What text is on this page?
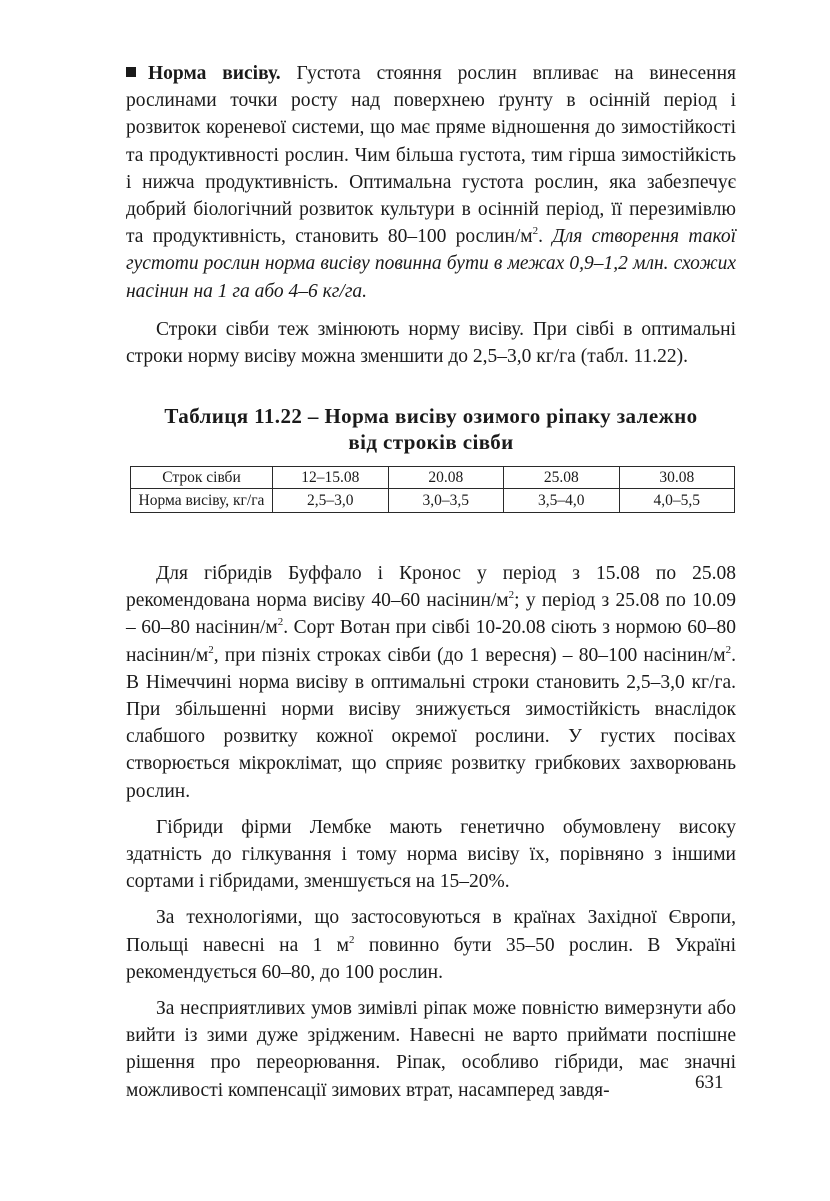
Норма висіву. Густота стояння рослин впливає на винесення рослинами точки росту над поверхнею ґрунту в осінній період і розвиток кореневої системи, що має пряме відношення до зимостійкості та продуктивності рослин. Чим більша густота, тим гірша зимостійкість і нижча продуктивність. Оптимальна густота рослин, яка забезпечує добрий біологічний розвиток культури в осінній період, її перезимівлю та продуктивність, становить 80–100 рослин/$м^2$. Для створення такої густоти рослин норма висіву повинна бути в межах 0,9–1,2 млн. схожих насінин на 1 га або 4–6 кг/га.

Строки сівби теж змінюють норму висіву. При сівбі в оптимальні строки норму висіву можна зменшити до 2,5–3,0 кг/га (табл. 11.22).

Таблиця 11.22 – Норма висіву озимого ріпаку залежно
від строків сівби
Строк сівби	12–15.08	20.08	25.08	30.08
Норма висіву, кг/га	2,5–3,0	3,0–3,5	3,5–4,0	4,0–5,5

Для гібридів Буффало і Кронос у період з 15.08 по 25.08 рекомендована норма висіву 40–60 насінин/$м^2$; у період з 25.08 по 10.09 – 60–80 насінин/$м^2$. Сорт Вотан при сівбі 10-20.08 сіють з нормою 60–80 насінин/$м^2$, при пізніх строках сівби (до 1 вересня) – 80–100 насінин/$м^2$. В Німеччині норма висіву в оптимальні строки становить 2,5–3,0 кг/га. При збільшенні норми висіву знижується зимостійкість внаслідок слабшого розвитку кожної окремої рослини. У густих посівах створюється мікроклімат, що сприяє розвитку грибкових захворювань рослин.

Гібриди фірми Лембке мають генетично обумовлену високу здатність до гілкування і тому норма висіву їх, порівняно з іншими сортами і гібридами, зменшується на 15–20%.

За технологіями, що застосовуються в країнах Західної Європи, Польщі навесні на 1 $м^2$ повинно бути 35–50 рослин. В Україні рекомендується 60–80, до 100 рослин.

За несприятливих умов зимівлі ріпак може повністю вимерзнути або вийти із зими дуже зрідженим. Навесні не варто приймати поспішне рішення про переорювання. Ріпак, особливо гібриди, має значні можливості компенсації зимових втрат, насамперед завдя-	631
